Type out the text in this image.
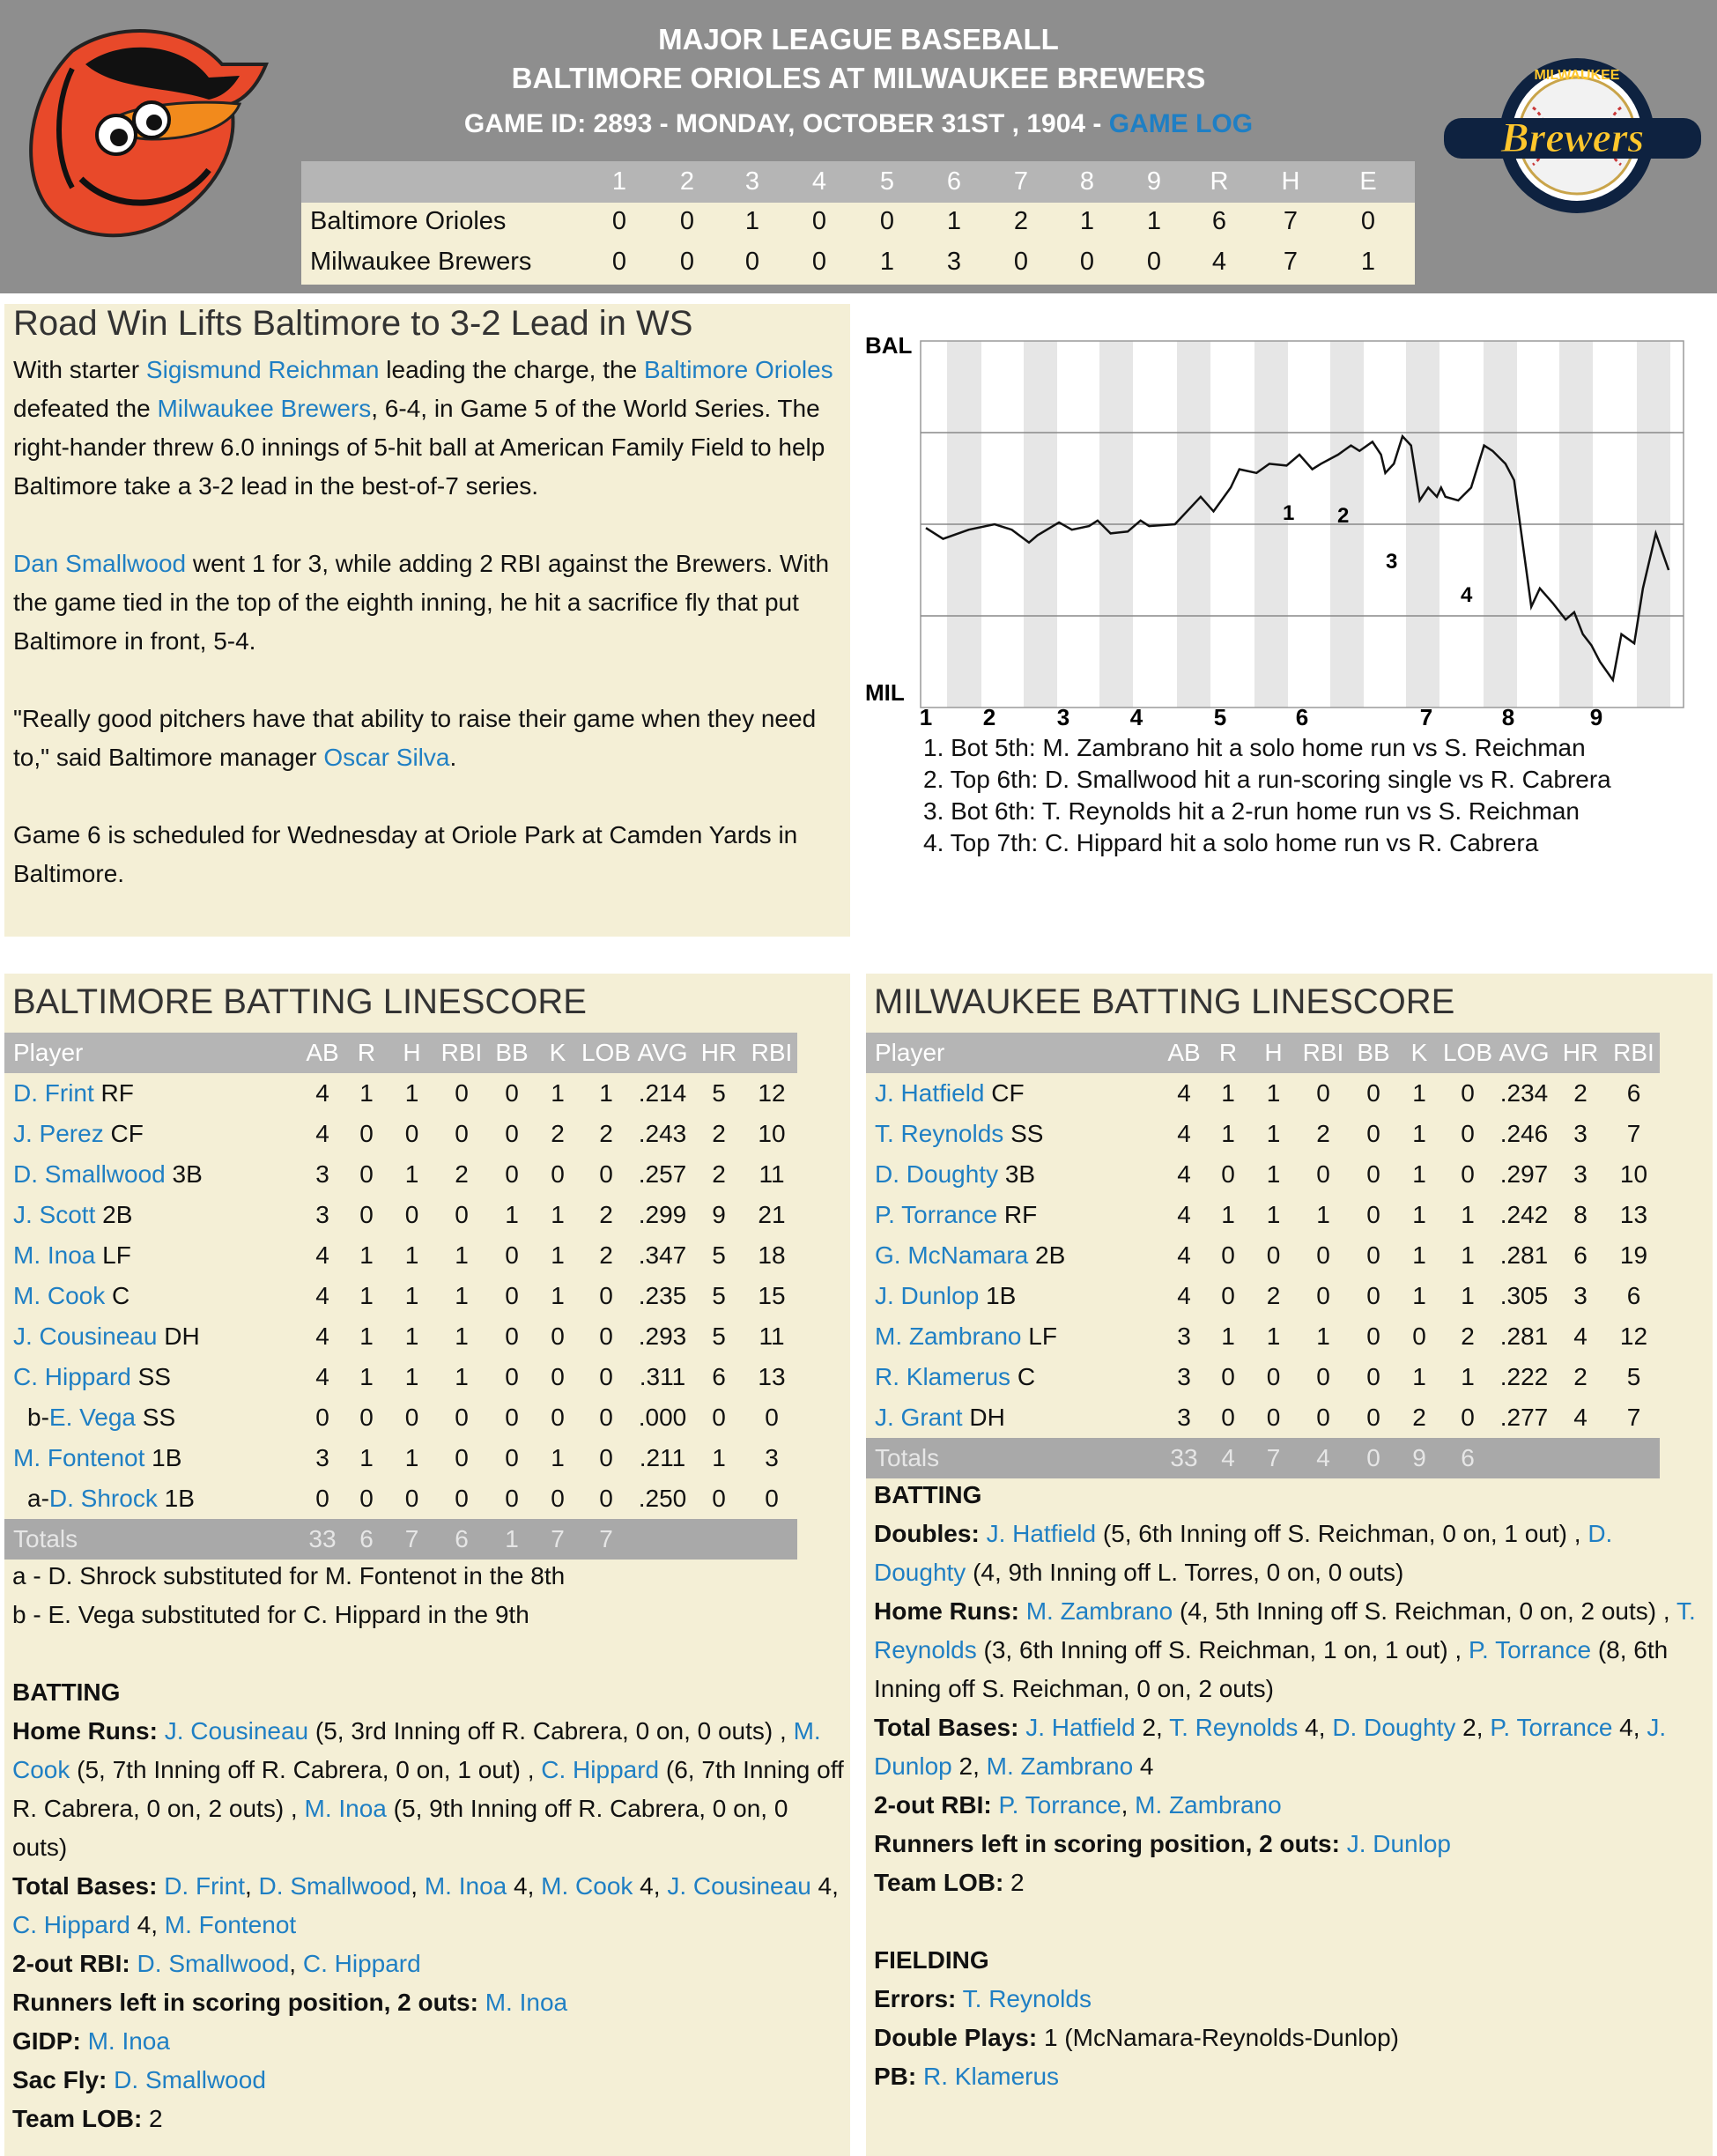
MAJOR LEAGUE BASEBALL
BALTIMORE ORIOLES AT MILWAUKEE BREWERS
GAME ID: 2893 - MONDAY, OCTOBER 31ST , 1904 - GAME LOG
1	2	3	4	5	6	7	8	9	R	H	E
Baltimore Orioles	0	0	1	0	0	1	2	1	1	6	7	0
Milwaukee Brewers	0	0	0	0	1	3	0	0	0	4	7	1
MILWAUKEE
Brewers
Road Win Lifts Baltimore to 3-2 Lead in WS
With starter Sigismund Reichman leading the charge, the Baltimore Orioles defeated the Milwaukee Brewers, 6-4, in Game 5 of the World Series. The right-hander threw 6.0 innings of 5-hit ball at American Family Field to help Baltimore take a 3-2 lead in the best-of-7 series.
Dan Smallwood went 1 for 3, while adding 2 RBI against the Brewers. With the game tied in the top of the eighth inning, he hit a sacrifice fly that put Baltimore in front, 5-4.
"Really good pitchers have that ability to raise their game when they need to," said Baltimore manager Oscar Silva.
Game 6 is scheduled for Wednesday at Oriole Park at Camden Yards in Baltimore.
BAL
MIL
1 2	3	4	5	6	7	8	9
1 2
3
4
1. Bot 5th: M. Zambrano hit a solo home run vs S. Reichman
2. Top 6th: D. Smallwood hit a run-scoring single vs R. Cabrera
3. Bot 6th: T. Reynolds hit a 2-run home run vs S. Reichman
4. Top 7th: C. Hippard hit a solo home run vs R. Cabrera
BALTIMORE BATTING LINESCORE
Player	AB	R	H	RBI	BB	K	LOB	AVG	HR	RBI
D. Frint RF	4	1	1	0	0	1	1	.214	5	12
J. Perez CF	4	0	0	0	0	2	2	.243	2	10
D. Smallwood 3B	3	0	1	2	0	0	0	.257	2	11
J. Scott 2B	3	0	0	0	1	1	2	.299	9	21
M. Inoa LF	4	1	1	1	0	1	2	.347	5	18
M. Cook C	4	1	1	1	0	1	0	.235	5	15
J. Cousineau DH	4	1	1	1	0	0	0	.293	5	11
C. Hippard SS	4	1	1	1	0	0	0	.311	6	13
b-E. Vega SS	0	0	0	0	0	0	0	.000	0	0
M. Fontenot 1B	3	1	1	0	0	1	0	.211	1	3
a-D. Shrock 1B	0	0	0	0	0	0	0	.250	0	0
Totals	33	6	7	6	1	7	7			
a - D. Shrock substituted for M. Fontenot in the 8th
b - E. Vega substituted for C. Hippard in the 9th
BATTING
Home Runs: J. Cousineau (5, 3rd Inning off R. Cabrera, 0 on, 0 outs) , M. Cook (5, 7th Inning off R. Cabrera, 0 on, 1 out) , C. Hippard (6, 7th Inning off R. Cabrera, 0 on, 2 outs) , M. Inoa (5, 9th Inning off R. Cabrera, 0 on, 0 outs)
Total Bases: D. Frint, D. Smallwood, M. Inoa 4, M. Cook 4, J. Cousineau 4, C. Hippard 4, M. Fontenot
2-out RBI: D. Smallwood, C. Hippard
Runners left in scoring position, 2 outs: M. Inoa
GIDP: M. Inoa
Sac Fly: D. Smallwood
Team LOB: 2
MILWAUKEE BATTING LINESCORE
Player	AB	R	H	RBI	BB	K	LOB	AVG	HR	RBI
J. Hatfield CF	4	1	1	0	0	1	0	.234	2	6
T. Reynolds SS	4	1	1	2	0	1	0	.246	3	7
D. Doughty 3B	4	0	1	0	0	1	0	.297	3	10
P. Torrance RF	4	1	1	1	0	1	1	.242	8	13
G. McNamara 2B	4	0	0	0	0	1	1	.281	6	19
J. Dunlop 1B	4	0	2	0	0	1	1	.305	3	6
M. Zambrano LF	3	1	1	1	0	0	2	.281	4	12
R. Klamerus C	3	0	0	0	0	1	1	.222	2	5
J. Grant DH	3	0	0	0	0	2	0	.277	4	7
Totals	33	4	7	4	0	9	6			
BATTING
Doubles: J. Hatfield (5, 6th Inning off S. Reichman, 0 on, 1 out) , D. Doughty (4, 9th Inning off L. Torres, 0 on, 0 outs)
Home Runs: M. Zambrano (4, 5th Inning off S. Reichman, 0 on, 2 outs) , T. Reynolds (3, 6th Inning off S. Reichman, 1 on, 1 out) , P. Torrance (8, 6th Inning off S. Reichman, 0 on, 2 outs)
Total Bases: J. Hatfield 2, T. Reynolds 4, D. Doughty 2, P. Torrance 4, J. Dunlop 2, M. Zambrano 4
2-out RBI: P. Torrance, M. Zambrano
Runners left in scoring position, 2 outs: J. Dunlop
Team LOB: 2
FIELDING
Errors: T. Reynolds
Double Plays: 1 (McNamara-Reynolds-Dunlop)
PB: R. Klamerus
